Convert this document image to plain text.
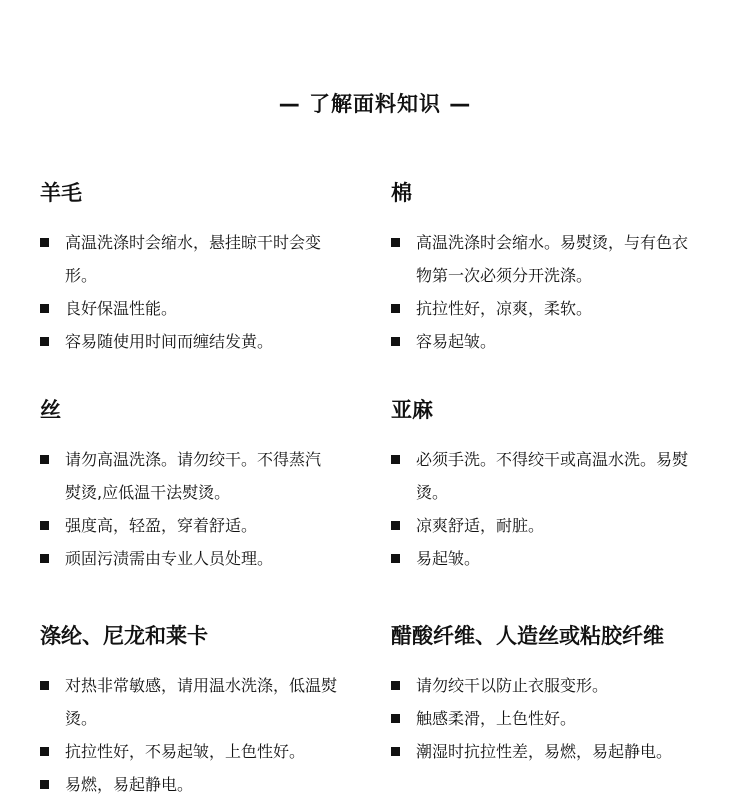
— 了解面料知识 —
羊毛
高温洗涤时会缩水，悬挂晾干时会变形。
良好保温性能。
容易随使用时间而缠结发黄。
棉
高温洗涤时会缩水。易熨烫，与有色衣物第一次必须分开洗涤。
抗拉性好，凉爽，柔软。
容易起皱。
丝
请勿高温洗涤。请勿绞干。不得蒸汽熨烫,应低温干法熨烫。
强度高，轻盈，穿着舒适。
顽固污渍需由专业人员处理。
亚麻
必须手洗。不得绞干或高温水洗。易熨烫。
凉爽舒适，耐脏。
易起皱。
涤纶、尼龙和莱卡
对热非常敏感，请用温水洗涤，低温熨烫。
抗拉性好，不易起皱，上色性好。
易燃，易起静电。
醋酸纤维、人造丝或粘胶纤维
请勿绞干以防止衣服变形。
触感柔滑，上色性好。
潮湿时抗拉性差，易燃，易起静电。
